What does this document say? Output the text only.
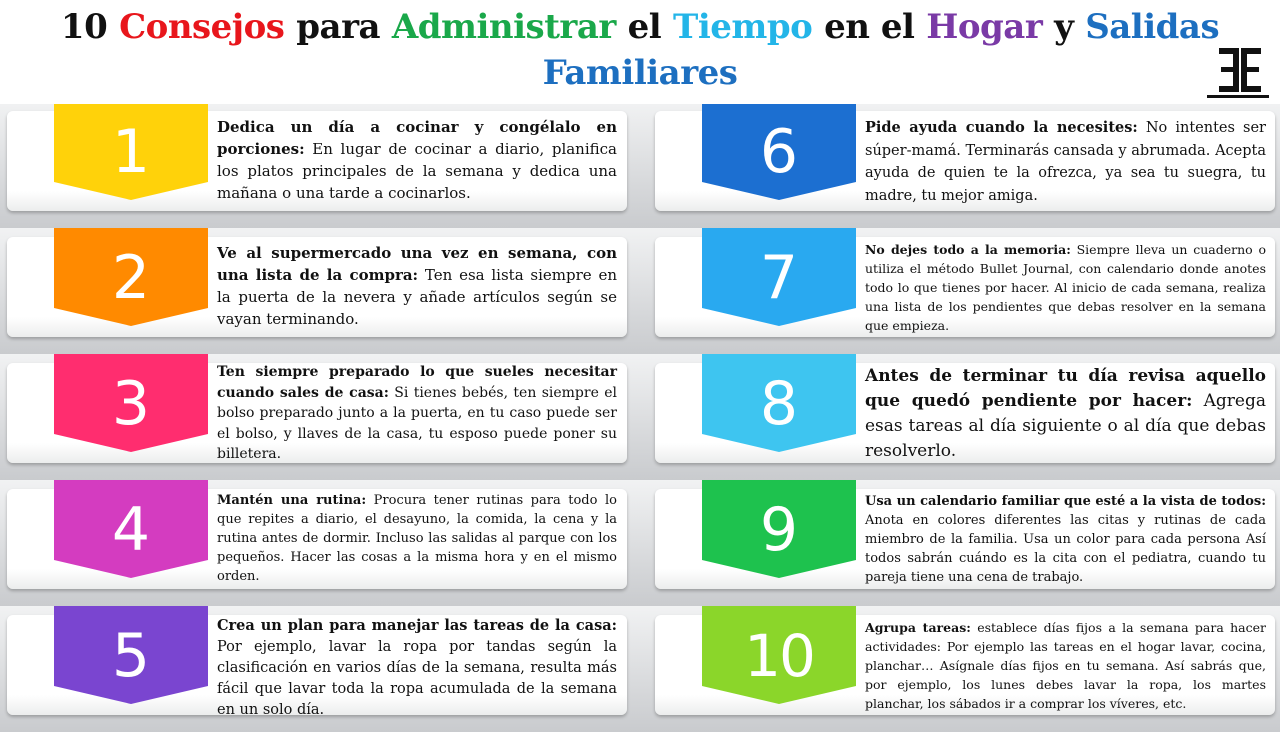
10 Consejos para Administrar el Tiempo en el Hogar y Salidas
Familiares
1	Dedica un día a cocinar y congélalo en porciones: En lugar de cocinar a diario, planifica los platos principales de la semana y dedica una mañana o una tarde a cocinarlos.

2	Ve al supermercado una vez en semana, con una lista de la compra: Ten esa lista siempre en la puerta de la nevera y añade artículos según se vayan terminando.

3	Ten siempre preparado lo que sueles necesitar cuando sales de casa: Si tienes bebés, ten siempre el bolso preparado junto a la puerta, en tu caso puede ser el bolso, y llaves de la casa, tu esposo puede poner su billetera.

4	Mantén una rutina: Procura tener rutinas para todo lo que repites a diario, el desayuno, la comida, la cena y la rutina antes de dormir. Incluso las salidas al parque con los pequeños. Hacer las cosas a la misma hora y en el mismo orden.

5	Crea un plan para manejar las tareas de la casa: Por ejemplo, lavar la ropa por tandas según la clasificación en varios días de la semana, resulta más fácil que lavar toda la ropa acumulada de la semana en un solo día.

6	Pide ayuda cuando la necesites: No intentes ser súper-mamá. Terminarás cansada y abrumada. Acepta ayuda de quien te la ofrezca, ya sea tu suegra, tu madre, tu mejor amiga.

7	No dejes todo a la memoria: Siempre lleva un cuaderno o utiliza el método Bullet Journal, con calendario donde anotes todo lo que tienes por hacer. Al inicio de cada semana, realiza una lista de los pendientes que debas resolver en la semana que empieza.

8	Antes de terminar tu día revisa aquello que quedó pendiente por hacer: Agrega esas tareas al día siguiente o al día que debas resolverlo.

9	Usa un calendario familiar que esté a la vista de todos: Anota en colores diferentes las citas y rutinas de cada miembro de la familia. Usa un color para cada persona Así todos sabrán cuándo es la cita con el pediatra, cuando tu pareja tiene una cena de trabajo.

10	Agrupa tareas: establece días fijos a la semana para hacer actividades: Por ejemplo las tareas en el hogar lavar, cocina, planchar… Asígnale días fijos en tu semana. Así sabrás que, por ejemplo, los lunes debes lavar la ropa, los martes planchar, los sábados ir a comprar los víveres, etc.
